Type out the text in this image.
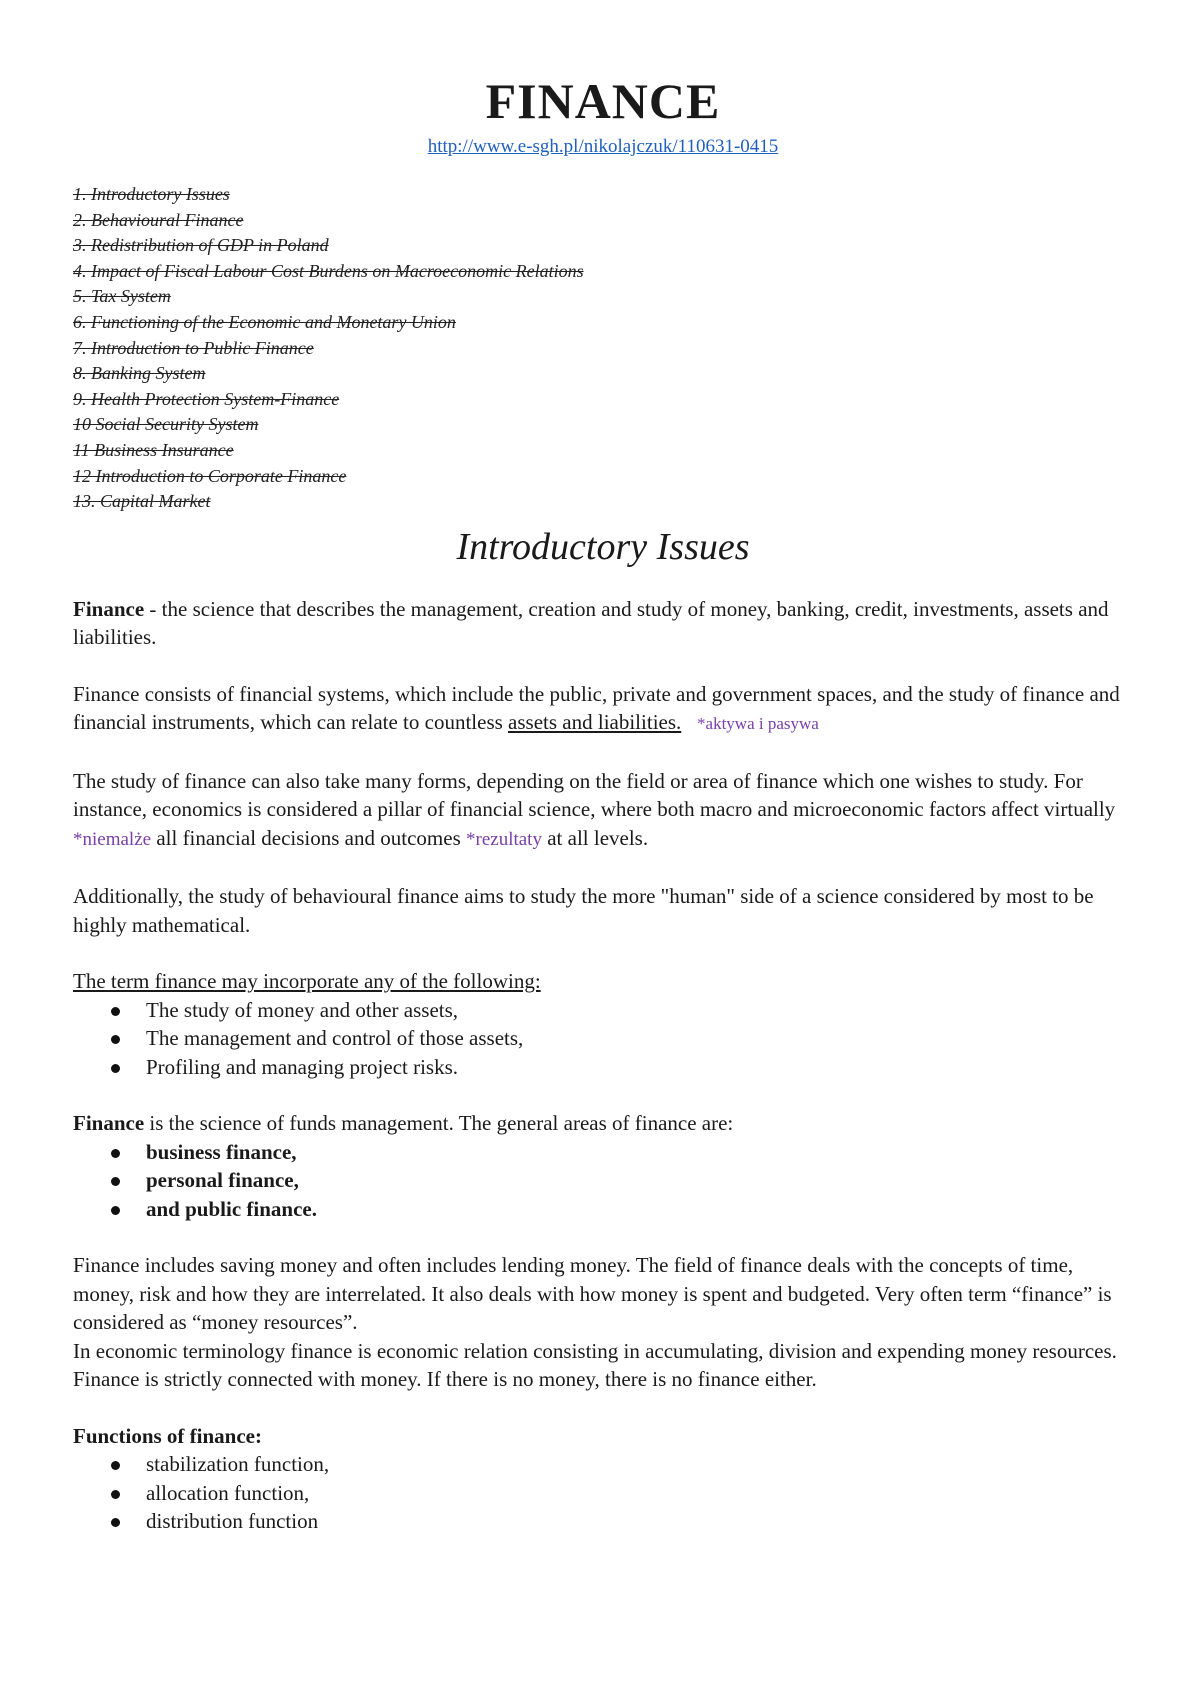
FINANCE
http://www.e-sgh.pl/nikolajczuk/110631-0415
1. Introductory Issues
2. Behavioural Finance
3. Redistribution of GDP in Poland
4. Impact of Fiscal Labour Cost Burdens on Macroeconomic Relations
5. Tax System
6. Functioning of the Economic and Monetary Union
7. Introduction to Public Finance
8. Banking System
9. Health Protection System-Finance
10 Social Security System
11 Business Insurance
12 Introduction to Corporate Finance
13. Capital Market
Introductory Issues

Finance - the science that describes the management, creation and study of money, banking, credit, investments, assets and liabilities.

Finance consists of financial systems, which include the public, private and government spaces, and the study of finance and financial instruments, which can relate to countless assets and liabilities. *aktywa i pasywa

The study of finance can also take many forms, depending on the field or area of finance which one wishes to study. For instance, economics is considered a pillar of financial science, where both macro and microeconomic factors affect virtually *niemalże all financial decisions and outcomes *rezultaty at all levels.

Additionally, the study of behavioural finance aims to study the more "human" side of a science considered by most to be highly mathematical.

The term finance may incorporate any of the following:

The study of money and other assets,
The management and control of those assets,
Profiling and managing project risks.

Finance is the science of funds management. The general areas of finance are:

business finance,
personal finance,
and public finance.

Finance includes saving money and often includes lending money. The field of finance deals with the concepts of time, money, risk and how they are interrelated. It also deals with how money is spent and budgeted. Very often term “finance” is considered as “money resources”.

In economic terminology finance is economic relation consisting in accumulating, division and expending money resources. Finance is strictly connected with money. If there is no money, there is no finance either.

Functions of finance:

stabilization function,
allocation function,
distribution function
